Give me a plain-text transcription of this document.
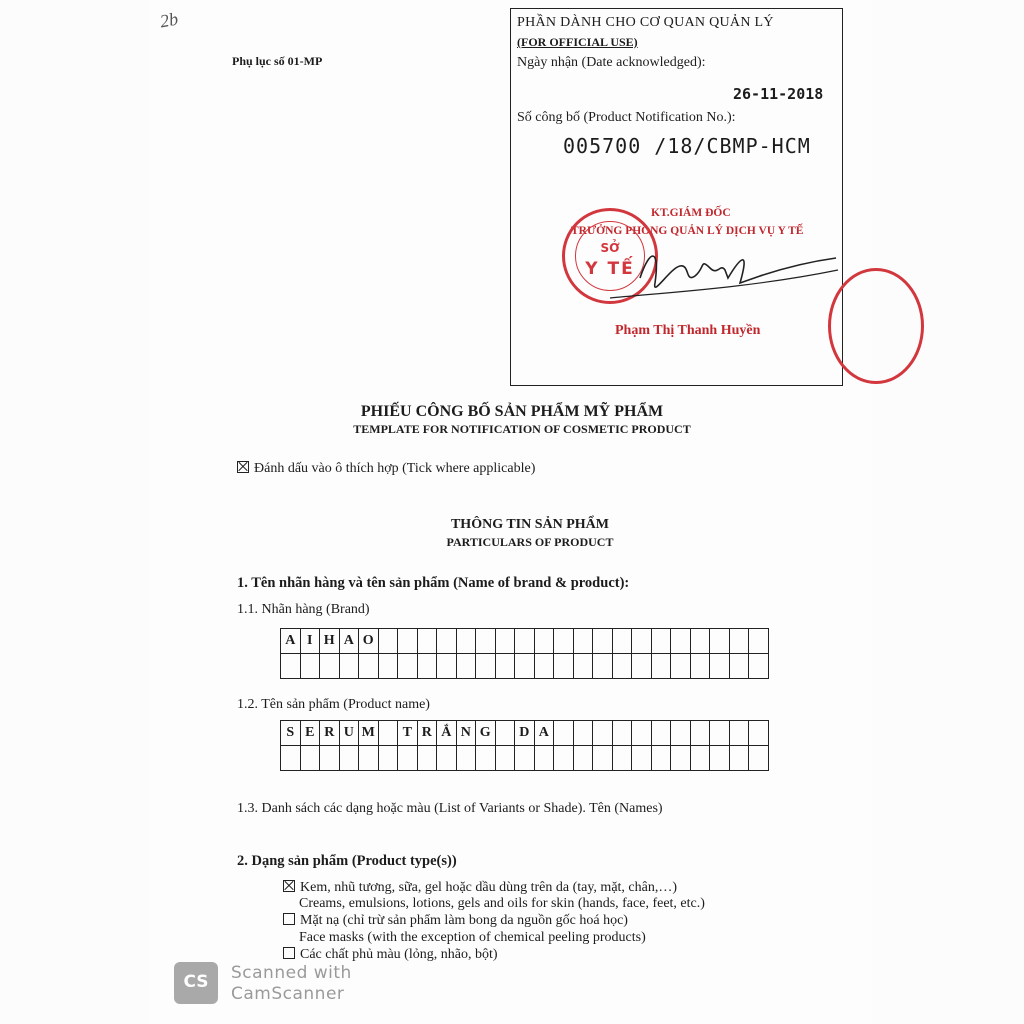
2b
Phụ lục số 01-MP
PHẦN DÀNH CHO CƠ QUAN QUẢN LÝ
(FOR OFFICIAL USE)
Ngày nhận (Date acknowledged):
26-11-2018
Số công bố (Product Notification No.):
005700 /18/CBMP-HCM
KT.GIÁM ĐỐC
TRƯỞNG PHÒNG QUẢN LÝ DỊCH VỤ Y TẾ
Phạm Thị Thanh Huyền
SỞ
Y TẾ
PHIẾU CÔNG BỐ SẢN PHẨM MỸ PHẨM
TEMPLATE FOR NOTIFICATION OF COSMETIC PRODUCT
Đánh dấu vào ô thích hợp (Tick where applicable)
THÔNG TIN SẢN PHẨM
PARTICULARS OF PRODUCT
1. Tên nhãn hàng và tên sản phẩm (Name of brand & product):
1.1. Nhãn hàng (Brand)
A I H A O
1.2. Tên sản phẩm (Product name)
S E R U M	T R Ắ N G	D A
1.3. Danh sách các dạng hoặc màu (List of Variants or Shade). Tên (Names)
2. Dạng sản phẩm (Product type(s))
Kem, nhũ tương, sữa, gel hoặc dầu dùng trên da (tay, mặt, chân,…)
Creams, emulsions, lotions, gels and oils for skin (hands, face, feet, etc.)
Mặt nạ (chỉ trừ sản phẩm làm bong da nguồn gốc hoá học)
Face masks (with the exception of chemical peeling products)
Các chất phủ màu (lỏng, nhão, bột)
CS	Scanned with
CamScanner
